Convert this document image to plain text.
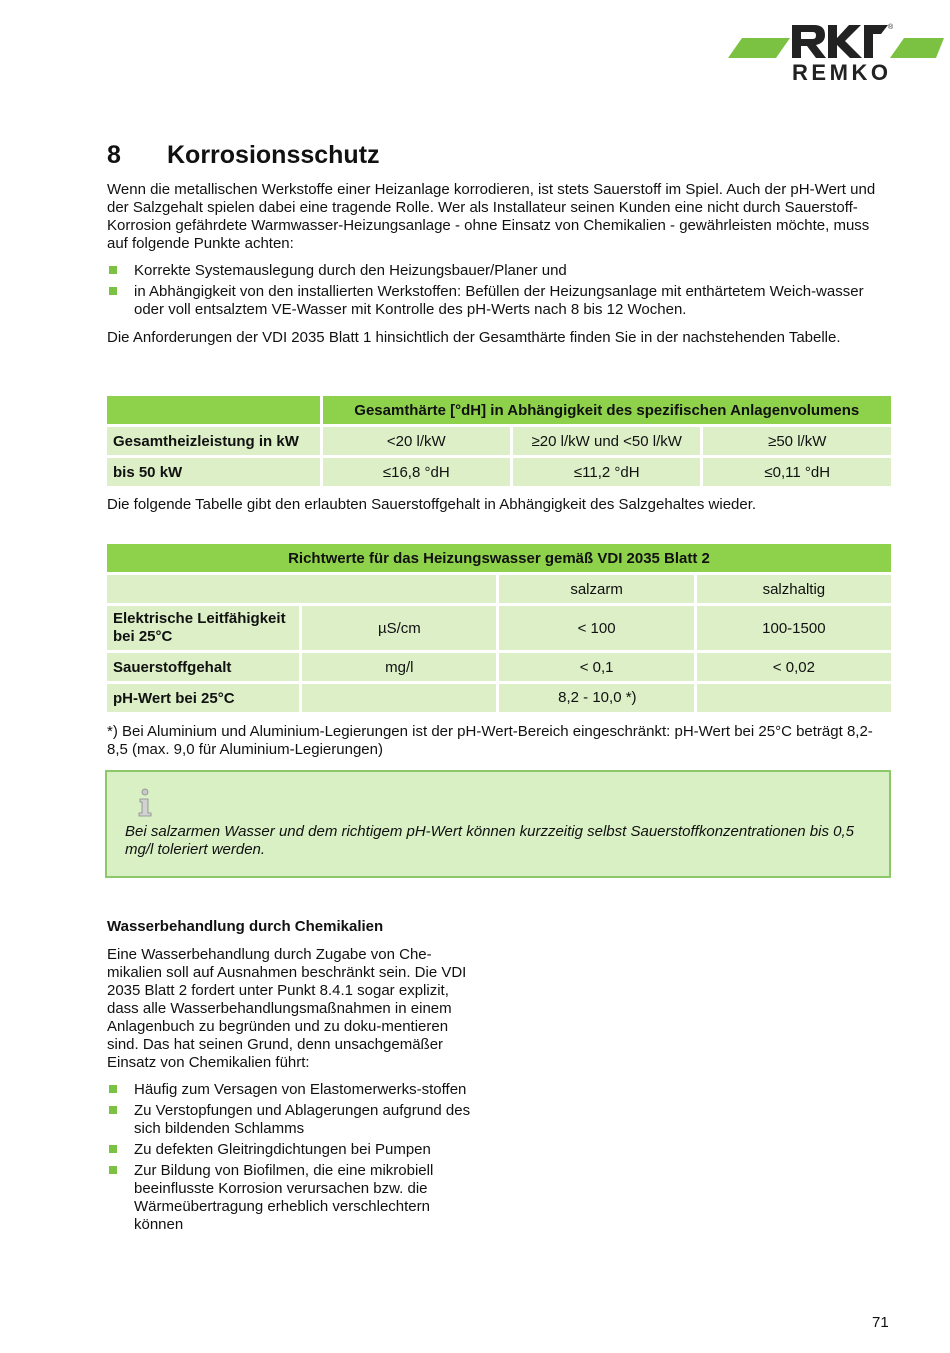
REMKO
®
8	Korrosionsschutz

Wenn die metallischen Werkstoffe einer Heizanlage korrodieren, ist stets Sauerstoff im Spiel. Auch der pH-Wert und der Salzgehalt spielen dabei eine tragende Rolle. Wer als Installateur seinen Kunden eine nicht durch Sauerstoff-Korrosion gefährdete Warmwasser-Heizungsanlage - ohne Einsatz von Chemikalien - gewährleisten möchte, muss auf folgende Punkte achten:

Korrekte Systemauslegung durch den Heizungsbauer/Planer und
in Abhängigkeit von den installierten Werkstoffen: Befüllen der Heizungsanlage mit enthärtetem Weich-wasser oder voll entsalztem VE-Wasser mit Kontrolle des pH-Werts nach 8 bis 12 Wochen.

Die Anforderungen der VDI 2035 Blatt 1 hinsichtlich der Gesamthärte finden Sie in der nachstehenden Tabelle.

	Gesamthärte [°dH] in Abhängigkeit des spezifischen Anlagenvolumens		
Gesamtheizleistung in kW	<20 l/kW	≥20 l/kW und <50 l/kW	≥50 l/kW
bis 50 kW	≤16,8 °dH	≤11,2 °dH	≤0,11 °dH

Die folgende Tabelle gibt den erlaubten Sauerstoffgehalt in Abhängigkeit des Salzgehaltes wieder.

Richtwerte für das Heizungswasser gemäß VDI 2035 Blatt 2			
		salzarm	salzhaltig
Elektrische Leitfähigkeit bei 25°C	µS/cm	< 100	100-1500
Sauerstoffgehalt	mg/l	< 0,1	< 0,02
pH-Wert bei 25°C		8,2 - 10,0 *)	

*) Bei Aluminium und Aluminium-Legierungen ist der pH-Wert-Bereich eingeschränkt: pH-Wert bei 25°C beträgt 8,2-8,5 (max. 9,0 für Aluminium-Legierungen)

Bei salzarmen Wasser und dem richtigem pH-Wert können kurzzeitig selbst Sauerstoffkonzentrationen bis 0,5 mg/l toleriert werden.
Wasserbehandlung durch Chemikalien

Eine Wasserbehandlung durch Zugabe von Che-mikalien soll auf Ausnahmen beschränkt sein. Die VDI 2035 Blatt 2 fordert unter Punkt 8.4.1 sogar explizit, dass alle Wasserbehandlungsmaßnahmen in einem Anlagenbuch zu begründen und zu doku-mentieren sind. Das hat seinen Grund, denn unsachgemäßer Einsatz von Chemikalien führt:

Häufig zum Versagen von Elastomerwerks-stoffen
Zu Verstopfungen und Ablagerungen aufgrund des sich bildenden Schlamms
Zu defekten Gleitringdichtungen bei Pumpen
Zur Bildung von Biofilmen, die eine mikrobiell beeinflusste Korrosion verursachen bzw. die Wärmeübertragung erheblich verschlechtern können
71
